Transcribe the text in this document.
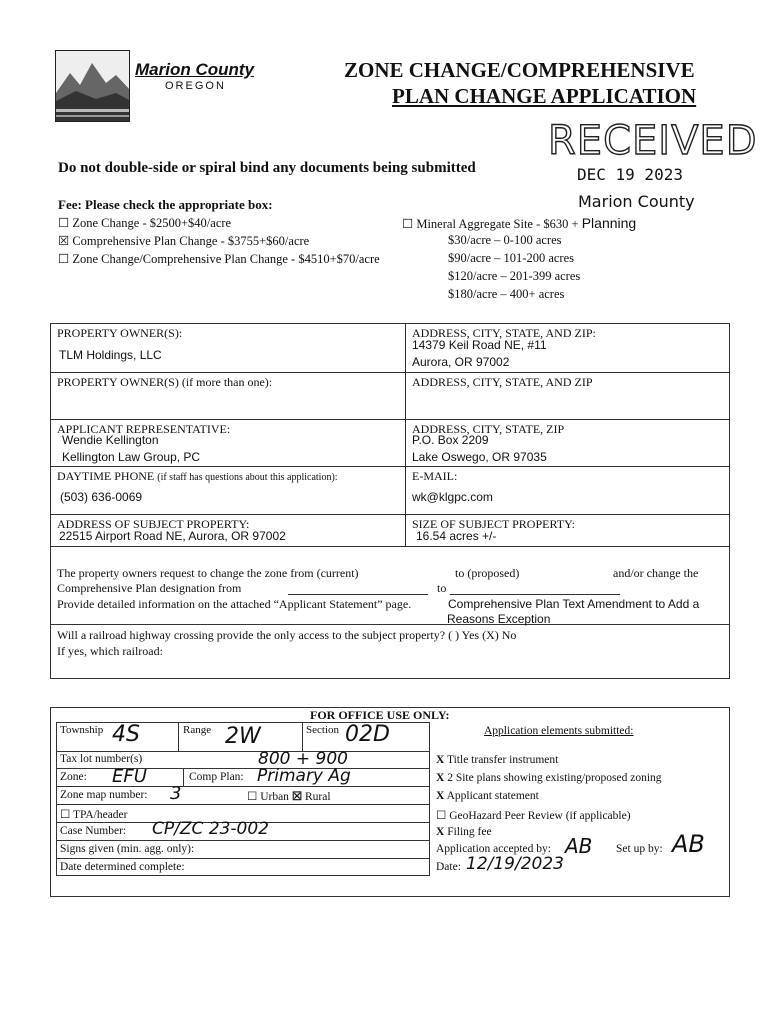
Marion County
OREGON
ZONE CHANGE/COMPREHENSIVE
PLAN CHANGE APPLICATION
RECEIVED
DEC 19 2023
Marion County
Do not double-side or spiral bind any documents being submitted
Fee: Please check the appropriate box:
☐ Zone Change - $2500+$40/acre
☒ Comprehensive Plan Change - $3755+$60/acre
☐ Zone Change/Comprehensive Plan Change - $4510+$70/acre
☐ Mineral Aggregate Site - $630 + Planning
$30/acre – 0-100 acres
$90/acre – 101-200 acres
$120/acre – 201-399 acres
$180/acre – 400+ acres
PROPERTY OWNER(S):
TLM Holdings, LLC
ADDRESS, CITY, STATE, AND ZIP:
14379 Keil Road NE, #11
Aurora, OR 97002
PROPERTY OWNER(S) (if more than one):	ADDRESS, CITY, STATE, AND ZIP
APPLICANT REPRESENTATIVE:
Wendie Kellington
Kellington Law Group, PC
ADDRESS, CITY, STATE, ZIP
P.O. Box 2209
Lake Oswego, OR 97035
DAYTIME PHONE (if staff has questions about this application):
(503) 636-0069
E-MAIL:
wk@klgpc.com
ADDRESS OF SUBJECT PROPERTY:
22515 Airport Road NE, Aurora, OR 97002
SIZE OF SUBJECT PROPERTY:
16.54 acres +/-
The property owners request to change the zone from (current)	to (proposed)	and/or change the
Comprehensive Plan designation from	to
Provide detailed information on the attached “Applicant Statement” page.	Comprehensive Plan Text Amendment to Add a
Reasons Exception
Will a railroad highway crossing provide the only access to the subject property? ( ) Yes (X) No
If yes, which railroad:
FOR OFFICE USE ONLY:
Township 4S	Range 2W	Section 02D
Tax lot number(s)	800 + 900
Zone: EFU	Comp Plan: Primary Ag
Zone map number: 3	☐ Urban ☒ Rural
☐ TPA/header
Case Number: CP/ZC 23-002
Signs given (min. agg. only):
Date determined complete:
Application elements submitted:
X Title transfer instrument
X 2 Site plans showing existing/proposed zoning
X Applicant statement
☐ GeoHazard Peer Review (if applicable)
X Filing fee
Application accepted by: AB Set up by: AB
Date: 12/19/2023
